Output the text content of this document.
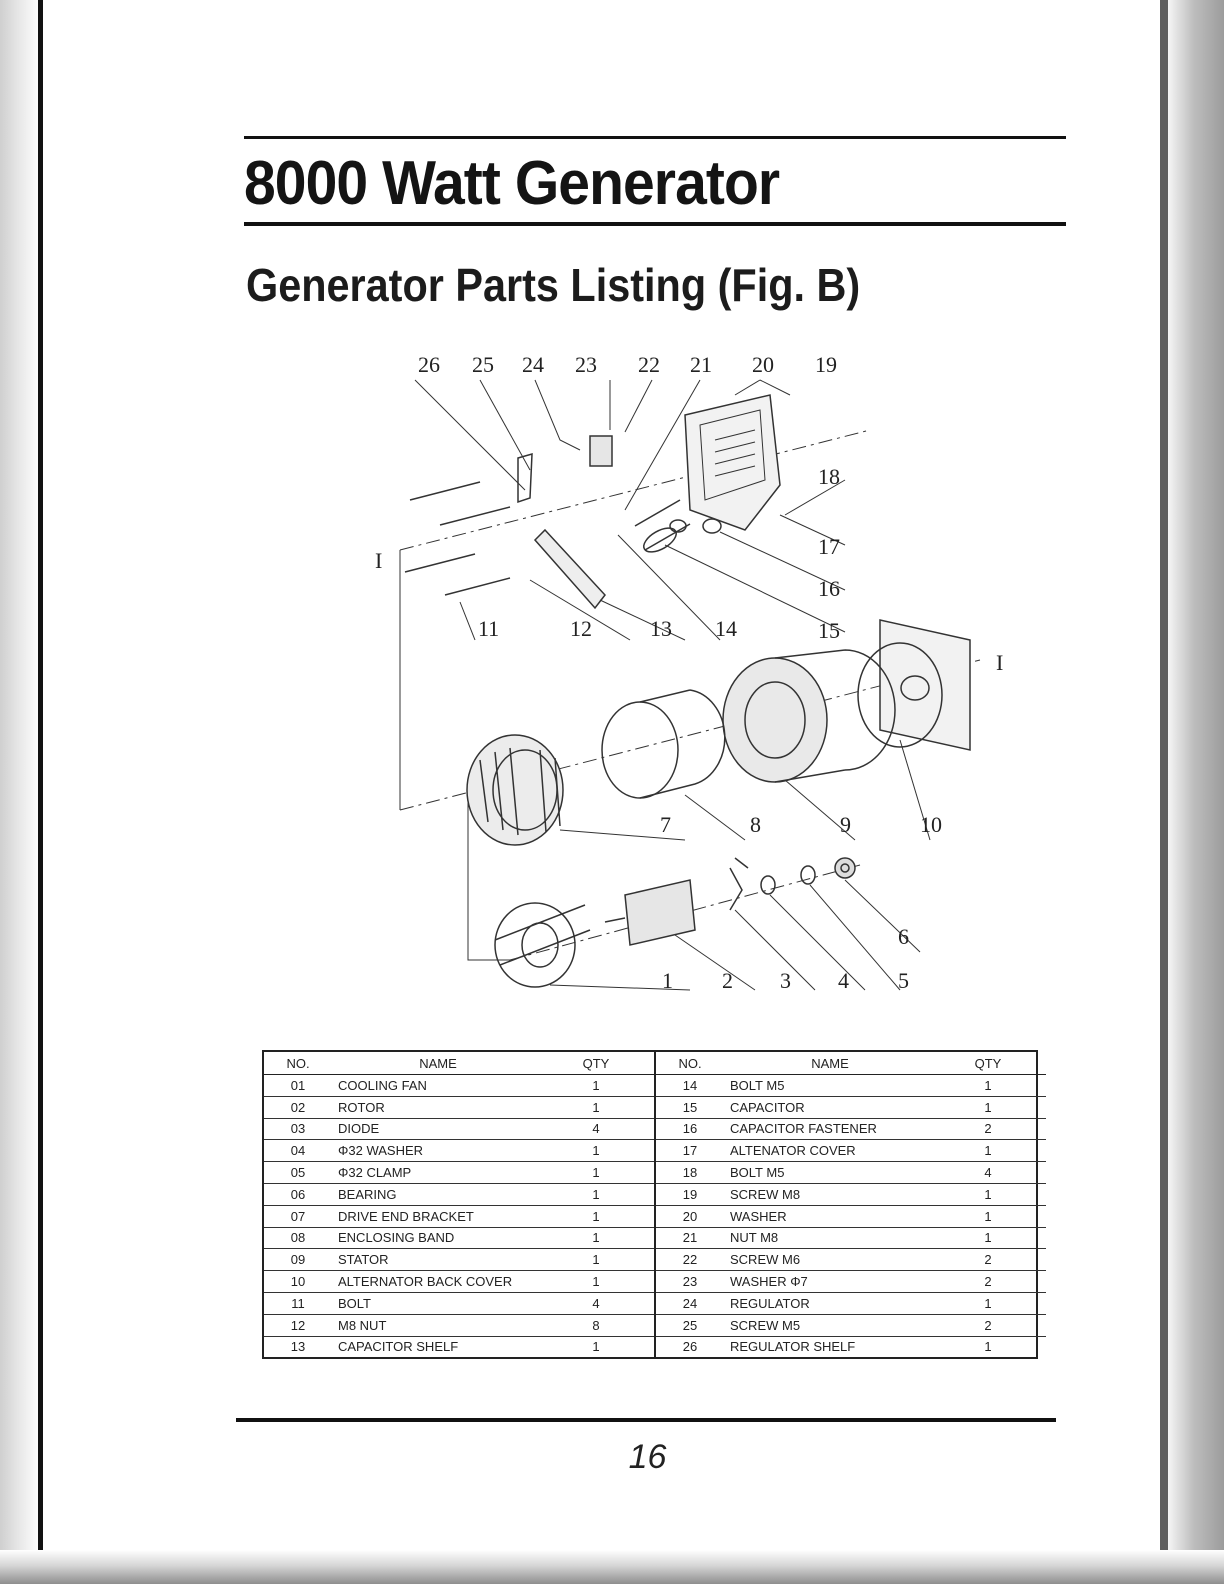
8000 Watt Generator
Generator Parts Listing (Fig. B)
26 25 24 23 22 21 20 19
18
17
16
15
14
13
12
11
I
I
10
9
8
7
6
5
4
3
2
1
NO.	NAME	QTY	NO.	NAME	QTY
01	COOLING FAN	1	14	BOLT M5	1
02	ROTOR	1	15	CAPACITOR	1
03	DIODE	4	16	CAPACITOR FASTENER	2
04	Φ32 WASHER	1	17	ALTENATOR COVER	1
05	Φ32 CLAMP	1	18	BOLT M5	4
06	BEARING	1	19	SCREW M8	1
07	DRIVE END BRACKET	1	20	WASHER	1
08	ENCLOSING BAND	1	21	NUT M8	1
09	STATOR	1	22	SCREW M6	2
10	ALTERNATOR BACK COVER	1	23	WASHER Φ7	2
11	BOLT	4	24	REGULATOR	1
12	M8 NUT	8	25	SCREW M5	2
13	CAPACITOR SHELF	1	26	REGULATOR SHELF	1
16
